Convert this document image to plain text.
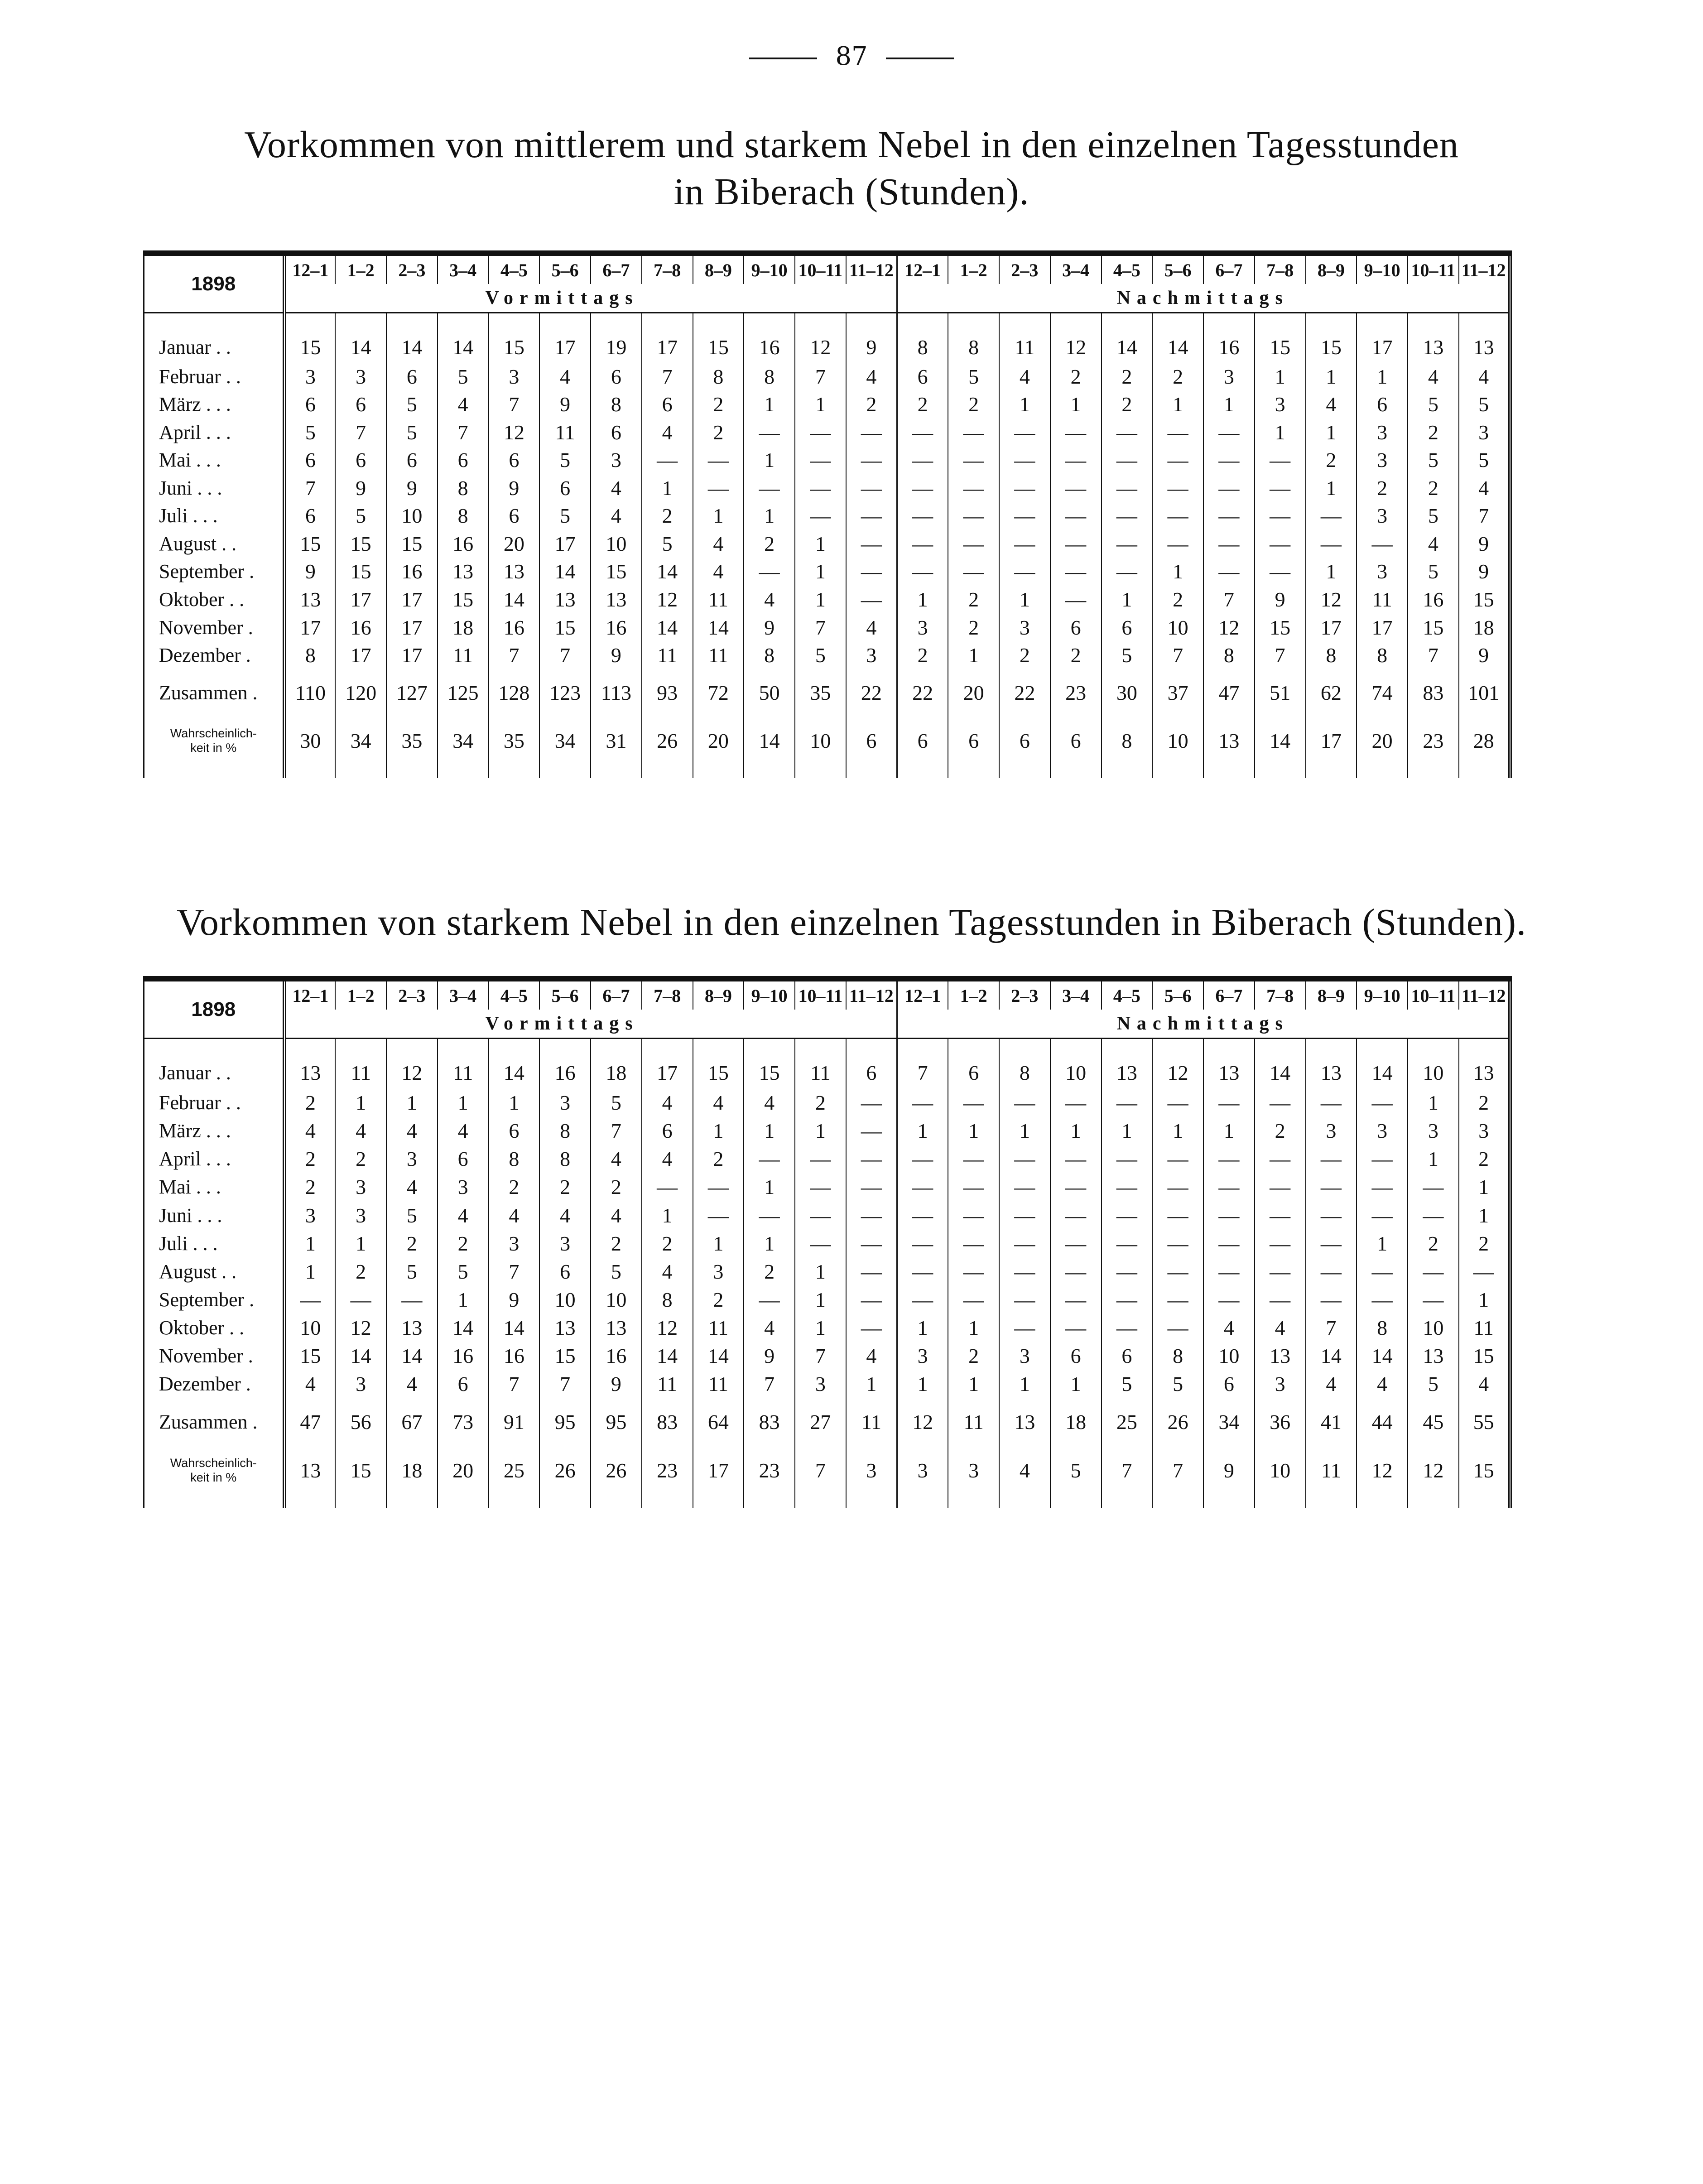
87
Vorkommen von mittlerem und starkem Nebel in den einzelnen Tagesstunden
in Biberach (Stunden).
1898	12–1	1–2	2–3	3–4	4–5	5–6	6–7	7–8	8–9	9–10	10–11	11–12	12–1	1–2	2–3	3–4	4–5	5–6	6–7	7–8	8–9	9–10	10–11	11–12
	Vormittags												Nachmittags											
Januar . .	15	14	14	14	15	17	19	17	15	16	12	9	8	8	11	12	14	14	16	15	15	17	13	13
Februar . .	3	3	6	5	3	4	6	7	8	8	7	4	6	5	4	2	2	2	3	1	1	1	4	4
März . . .	6	6	5	4	7	9	8	6	2	1	1	2	2	2	1	1	2	1	1	3	4	6	5	5
April . . .	5	7	5	7	12	11	6	4	2	—	—	—	—	—	—	—	—	—	—	1	1	3	2	3
Mai . . .	6	6	6	6	6	5	3	—	—	1	—	—	—	—	—	—	—	—	—	—	2	3	5	5
Juni . . .	7	9	9	8	9	6	4	1	—	—	—	—	—	—	—	—	—	—	—	—	1	2	2	4
Juli . . .	6	5	10	8	6	5	4	2	1	1	—	—	—	—	—	—	—	—	—	—	—	3	5	7
August . .	15	15	15	16	20	17	10	5	4	2	1	—	—	—	—	—	—	—	—	—	—	—	4	9
September .	9	15	16	13	13	14	15	14	4	—	1	—	—	—	—	—	—	1	—	—	1	3	5	9
Oktober . .	13	17	17	15	14	13	13	12	11	4	1	—	1	2	1	—	1	2	7	9	12	11	16	15
November .	17	16	17	18	16	15	16	14	14	9	7	4	3	2	3	6	6	10	12	15	17	17	15	18
Dezember .	8	17	17	11	7	7	9	11	11	8	5	3	2	1	2	2	5	7	8	7	8	8	7	9
Zusammen .	110	120	127	125	128	123	113	93	72	50	35	22	22	20	22	23	30	37	47	51	62	74	83	101

Wahrscheinlich-
keit in %	30	34	35	34	35	34	31	26	20	14	10	6	6	6	6	6	8	10	13	14	17	20	23	28
Vorkommen von starkem Nebel in den einzelnen Tagesstunden in Biberach (Stunden).
1898	12–1	1–2	2–3	3–4	4–5	5–6	6–7	7–8	8–9	9–10	10–11	11–12	12–1	1–2	2–3	3–4	4–5	5–6	6–7	7–8	8–9	9–10	10–11	11–12
	Vormittags												Nachmittags											
Januar . .	13	11	12	11	14	16	18	17	15	15	11	6	7	6	8	10	13	12	13	14	13	14	10	13
Februar . .	2	1	1	1	1	3	5	4	4	4	2	—	—	—	—	—	—	—	—	—	—	—	1	2
März . . .	4	4	4	4	6	8	7	6	1	1	1	—	1	1	1	1	1	1	1	2	3	3	3	3
April . . .	2	2	3	6	8	8	4	4	2	—	—	—	—	—	—	—	—	—	—	—	—	—	1	2
Mai . . .	2	3	4	3	2	2	2	—	—	1	—	—	—	—	—	—	—	—	—	—	—	—	—	1
Juni . . .	3	3	5	4	4	4	4	1	—	—	—	—	—	—	—	—	—	—	—	—	—	—	—	1
Juli . . .	1	1	2	2	3	3	2	2	1	1	—	—	—	—	—	—	—	—	—	—	—	1	2	2
August . .	1	2	5	5	7	6	5	4	3	2	1	—	—	—	—	—	—	—	—	—	—	—	—	—
September .	—	—	—	1	9	10	10	8	2	—	1	—	—	—	—	—	—	—	—	—	—	—	—	1
Oktober . .	10	12	13	14	14	13	13	12	11	4	1	—	1	1	—	—	—	—	4	4	7	8	10	11
November .	15	14	14	16	16	15	16	14	14	9	7	4	3	2	3	6	6	8	10	13	14	14	13	15
Dezember .	4	3	4	6	7	7	9	11	11	7	3	1	1	1	1	1	5	5	6	3	4	4	5	4
Zusammen .	47	56	67	73	91	95	95	83	64	83	27	11	12	11	13	18	25	26	34	36	41	44	45	55

Wahrscheinlich-
keit in %	13	15	18	20	25	26	26	23	17	23	7	3	3	3	4	5	7	7	9	10	11	12	12	15
